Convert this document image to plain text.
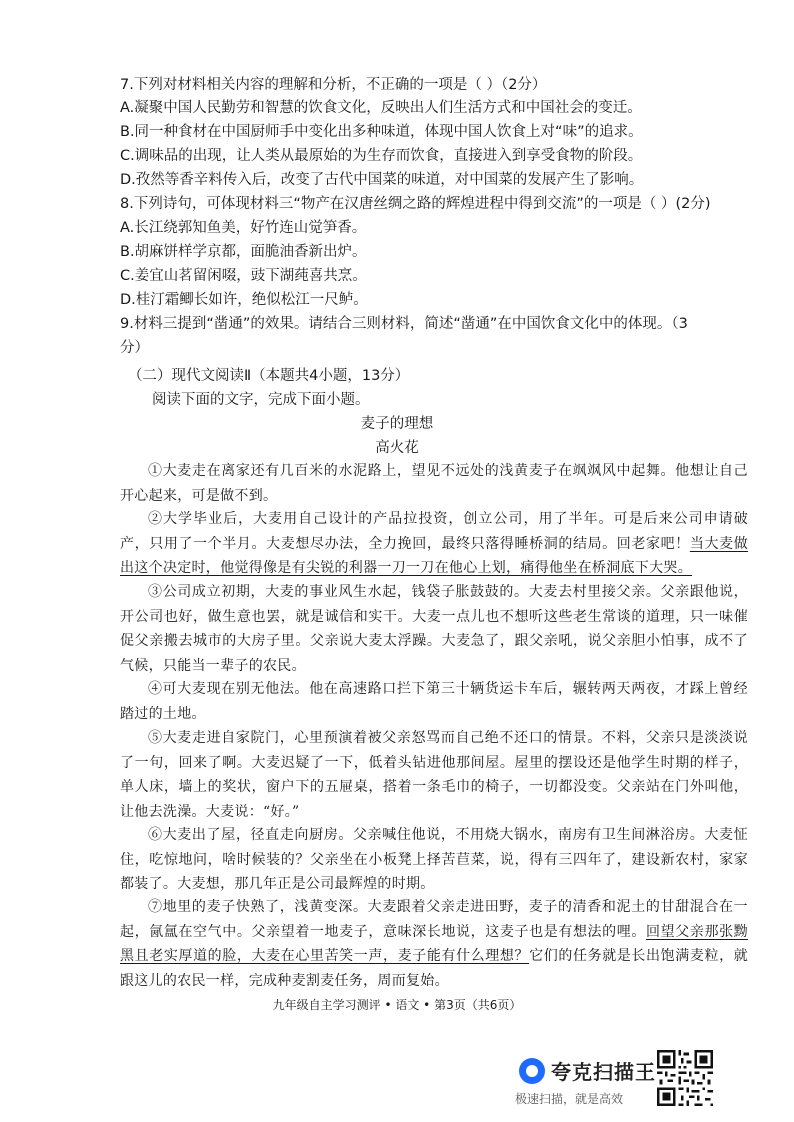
7.下列对材料相关内容的理解和分析，不正确的一项是（ ）（2分）
A.凝聚中国人民勤劳和智慧的饮食文化，反映出人们生活方式和中国社会的变迁。
B.同一种食材在中国厨师手中变化出多种味道，体现中国人饮食上对“味”的追求。
C.调味品的出现，让人类从最原始的为生存而饮食，直接进入到享受食物的阶段。
D.孜然等香辛料传入后，改变了古代中国菜的味道，对中国菜的发展产生了影响。
8.下列诗句，可体现材料三“物产在汉唐丝绸之路的辉煌进程中得到交流”的一项是（ ）(2分)
A.长江绕郭知鱼美，好竹连山觉笋香。
B.胡麻饼样学京都，面脆油香新出炉。
C.姜宜山茗留闲啜，豉下湖莼喜共烹。
D.桂汀霜鲫长如许，绝似松江一尺鲈。
9.材料三提到“凿通”的效果。请结合三则材料，简述“凿通”在中国饮食文化中的体现。（3
分）
（二）现代文阅读Ⅱ（本题共4小题，13分）
阅读下面的文字，完成下面小题。
麦子的理想
高火花
①大麦走在离家还有几百米的水泥路上，望见不远处的浅黄麦子在飒飒风中起舞。他想让自己开心起来，可是做不到。
②大学毕业后，大麦用自己设计的产品拉投资，创立公司，用了半年。可是后来公司申请破产，只用了一个半月。大麦想尽办法，全力挽回，最终只落得睡桥洞的结局。回老家吧！当大麦做出这个决定时，他觉得像是有尖锐的利器一刀一刀在他心上划，痛得他坐在桥洞底下大哭。
③公司成立初期，大麦的事业风生水起，钱袋子胀鼓鼓的。大麦去村里接父亲。父亲跟他说，开公司也好，做生意也罢，就是诚信和实干。大麦一点儿也不想听这些老生常谈的道理，只一味催促父亲搬去城市的大房子里。父亲说大麦太浮躁。大麦急了，跟父亲吼，说父亲胆小怕事，成不了气候，只能当一辈子的农民。
④可大麦现在别无他法。他在高速路口拦下第三十辆货运卡车后，辗转两天两夜，才踩上曾经踏过的土地。
⑤大麦走进自家院门，心里预演着被父亲怒骂而自己绝不还口的情景。不料，父亲只是淡淡说了一句，回来了啊。大麦迟疑了一下，低着头钻进他那间屋。屋里的摆设还是他学生时期的样子，单人床，墙上的奖状，窗户下的五屉桌，搭着一条毛巾的椅子，一切都没变。父亲站在门外叫他，让他去洗澡。大麦说：“好。”
⑥大麦出了屋，径直走向厨房。父亲喊住他说，不用烧大锅水，南房有卫生间淋浴房。大麦怔住，吃惊地问，啥时候装的？父亲坐在小板凳上择苦苣菜，说，得有三四年了，建设新农村，家家都装了。大麦想，那几年正是公司最辉煌的时期。
⑦地里的麦子快熟了，浅黄变深。大麦跟着父亲走进田野，麦子的清香和泥土的甘甜混合在一起，氤氲在空气中。父亲望着一地麦子，意味深长地说，这麦子也是有想法的哩。回望父亲那张黝黑且老实厚道的脸，大麦在心里苦笑一声，麦子能有什么理想？它们的任务就是长出饱满麦粒，就跟这儿的农民一样，完成种麦割麦任务，周而复始。
九年级自主学习测评 • 语文 • 第3页（共6页）
夸克扫描王
极速扫描，就是高效
